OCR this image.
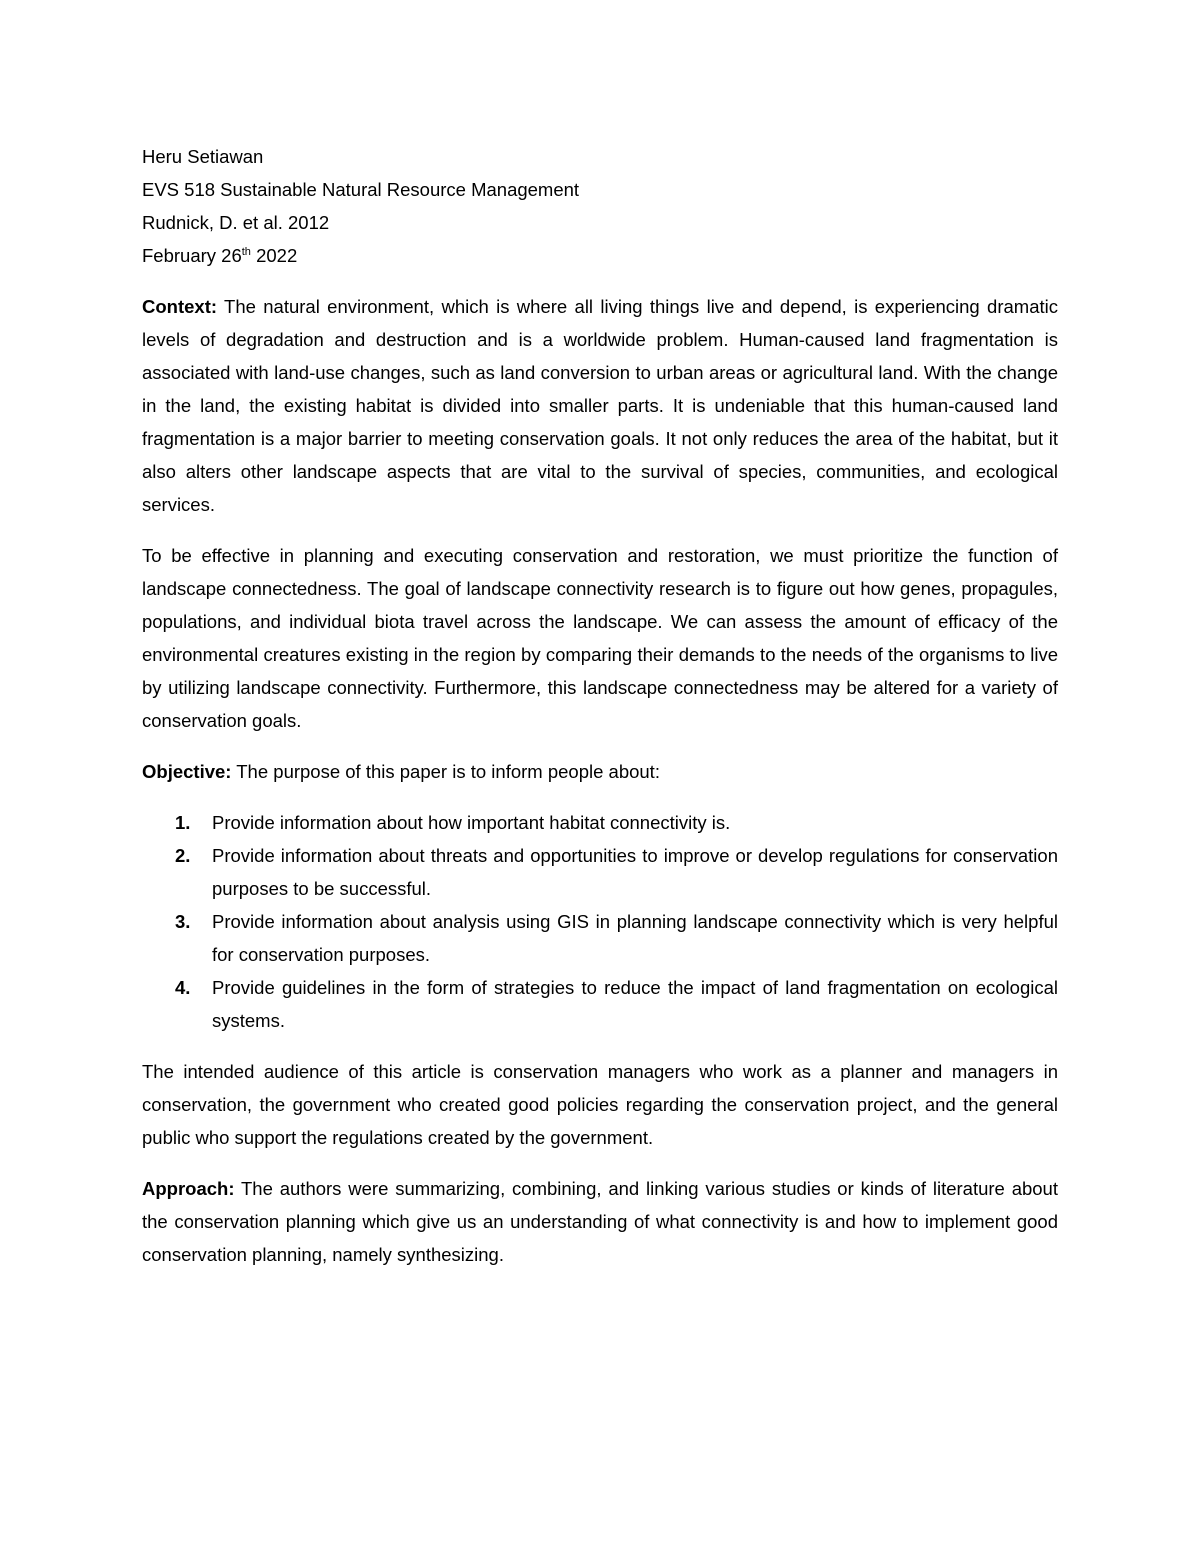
Heru Setiawan

EVS 518 Sustainable Natural Resource Management

Rudnick, D. et al. 2012

February 26th 2022

Context: The natural environment, which is where all living things live and depend, is experiencing dramatic levels of degradation and destruction and is a worldwide problem. Human-caused land fragmentation is associated with land-use changes, such as land conversion to urban areas or agricultural land. With the change in the land, the existing habitat is divided into smaller parts. It is undeniable that this human-caused land fragmentation is a major barrier to meeting conservation goals. It not only reduces the area of the habitat, but it also alters other landscape aspects that are vital to the survival of species, communities, and ecological services.

To be effective in planning and executing conservation and restoration, we must prioritize the function of landscape connectedness. The goal of landscape connectivity research is to figure out how genes, propagules, populations, and individual biota travel across the landscape. We can assess the amount of efficacy of the environmental creatures existing in the region by comparing their demands to the needs of the organisms to live by utilizing landscape connectivity. Furthermore, this landscape connectedness may be altered for a variety of conservation goals.

Objective: The purpose of this paper is to inform people about:

1.	Provide information about how important habitat connectivity is.
2.	Provide information about threats and opportunities to improve or develop regulations for conservation purposes to be successful.
3.	Provide information about analysis using GIS in planning landscape connectivity which is very helpful for conservation purposes.
4.	Provide guidelines in the form of strategies to reduce the impact of land fragmentation on ecological systems.

The intended audience of this article is conservation managers who work as a planner and managers in conservation, the government who created good policies regarding the conservation project, and the general public who support the regulations created by the government.

Approach: The authors were summarizing, combining, and linking various studies or kinds of literature about the conservation planning which give us an understanding of what connectivity is and how to implement good conservation planning, namely synthesizing.
